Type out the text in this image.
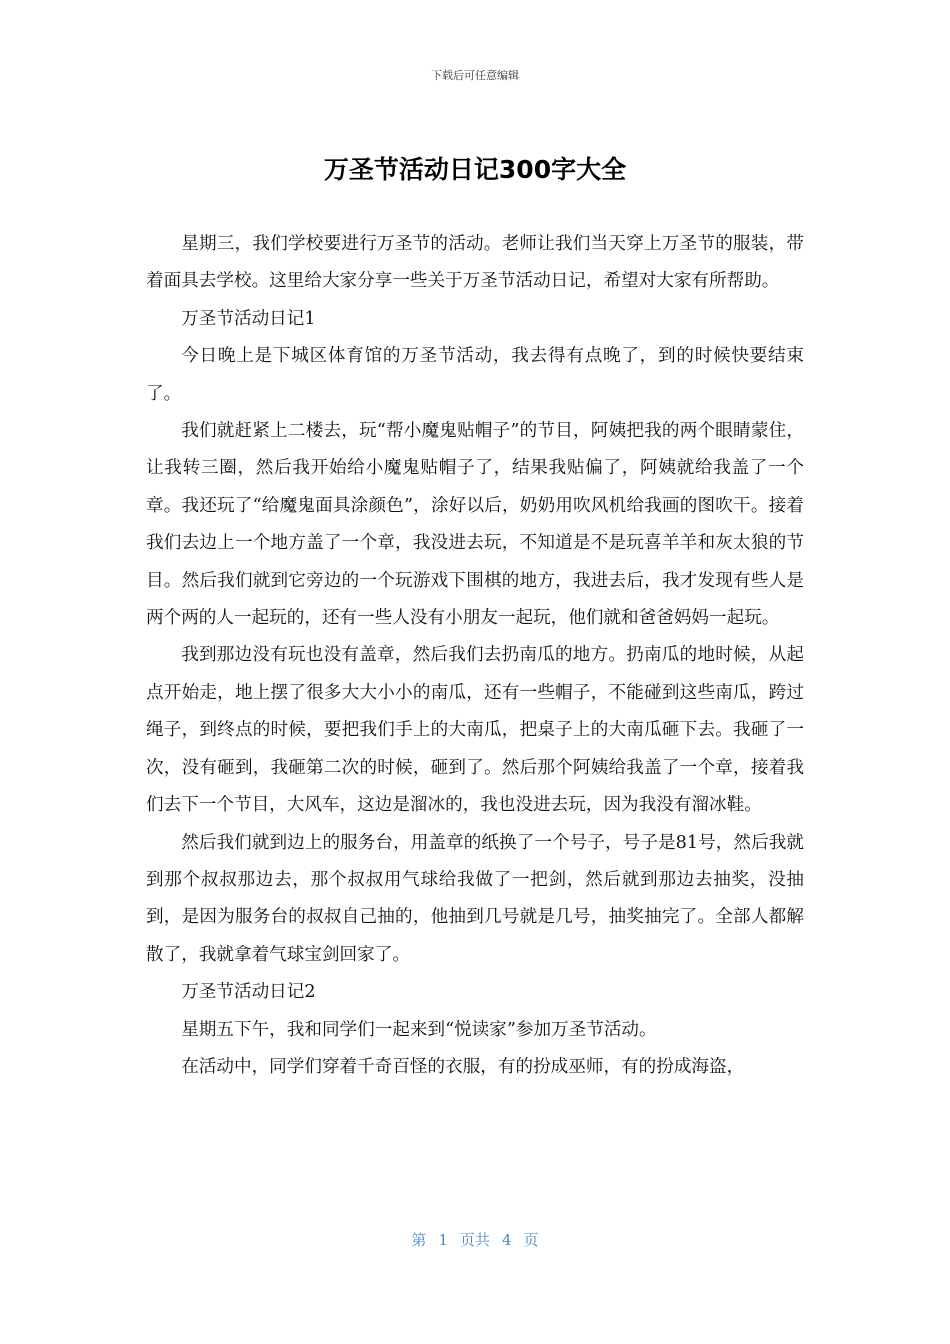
下载后可任意编辑
万圣节活动日记300字大全

星期三，我们学校要进行万圣节的活动。老师让我们当天穿上万圣节的服装，带着面具去学校。这里给大家分享一些关于万圣节活动日记，希望对大家有所帮助。

万圣节活动日记1

今日晚上是下城区体育馆的万圣节活动，我去得有点晚了，到的时候快要结束了。

我们就赶紧上二楼去，玩“帮小魔鬼贴帽子”的节目，阿姨把我的两个眼睛蒙住，让我转三圈，然后我开始给小魔鬼贴帽子了，结果我贴偏了，阿姨就给我盖了一个章。我还玩了“给魔鬼面具涂颜色”，涂好以后，奶奶用吹风机给我画的图吹干。接着我们去边上一个地方盖了一个章，我没进去玩，不知道是不是玩喜羊羊和灰太狼的节目。然后我们就到它旁边的一个玩游戏下围棋的地方，我进去后，我才发现有些人是两个两的人一起玩的，还有一些人没有小朋友一起玩，他们就和爸爸妈妈一起玩。

我到那边没有玩也没有盖章，然后我们去扔南瓜的地方。扔南瓜的地时候，从起点开始走，地上摆了很多大大小小的南瓜，还有一些帽子，不能碰到这些南瓜，跨过绳子，到终点的时候，要把我们手上的大南瓜，把桌子上的大南瓜砸下去。我砸了一次，没有砸到，我砸第二次的时候，砸到了。然后那个阿姨给我盖了一个章，接着我们去下一个节目，大风车，这边是溜冰的，我也没进去玩，因为我没有溜冰鞋。

然后我们就到边上的服务台，用盖章的纸换了一个号子，号子是81号，然后我就到那个叔叔那边去，那个叔叔用气球给我做了一把剑，然后就到那边去抽奖，没抽到，是因为服务台的叔叔自己抽的，他抽到几号就是几号，抽奖抽完了。全部人都解散了，我就拿着气球宝剑回家了。

万圣节活动日记2

星期五下午，我和同学们一起来到“悦读家”参加万圣节活动。

在活动中，同学们穿着千奇百怪的衣服，有的扮成巫师，有的扮成海盗，

第 1 页共 4 页
